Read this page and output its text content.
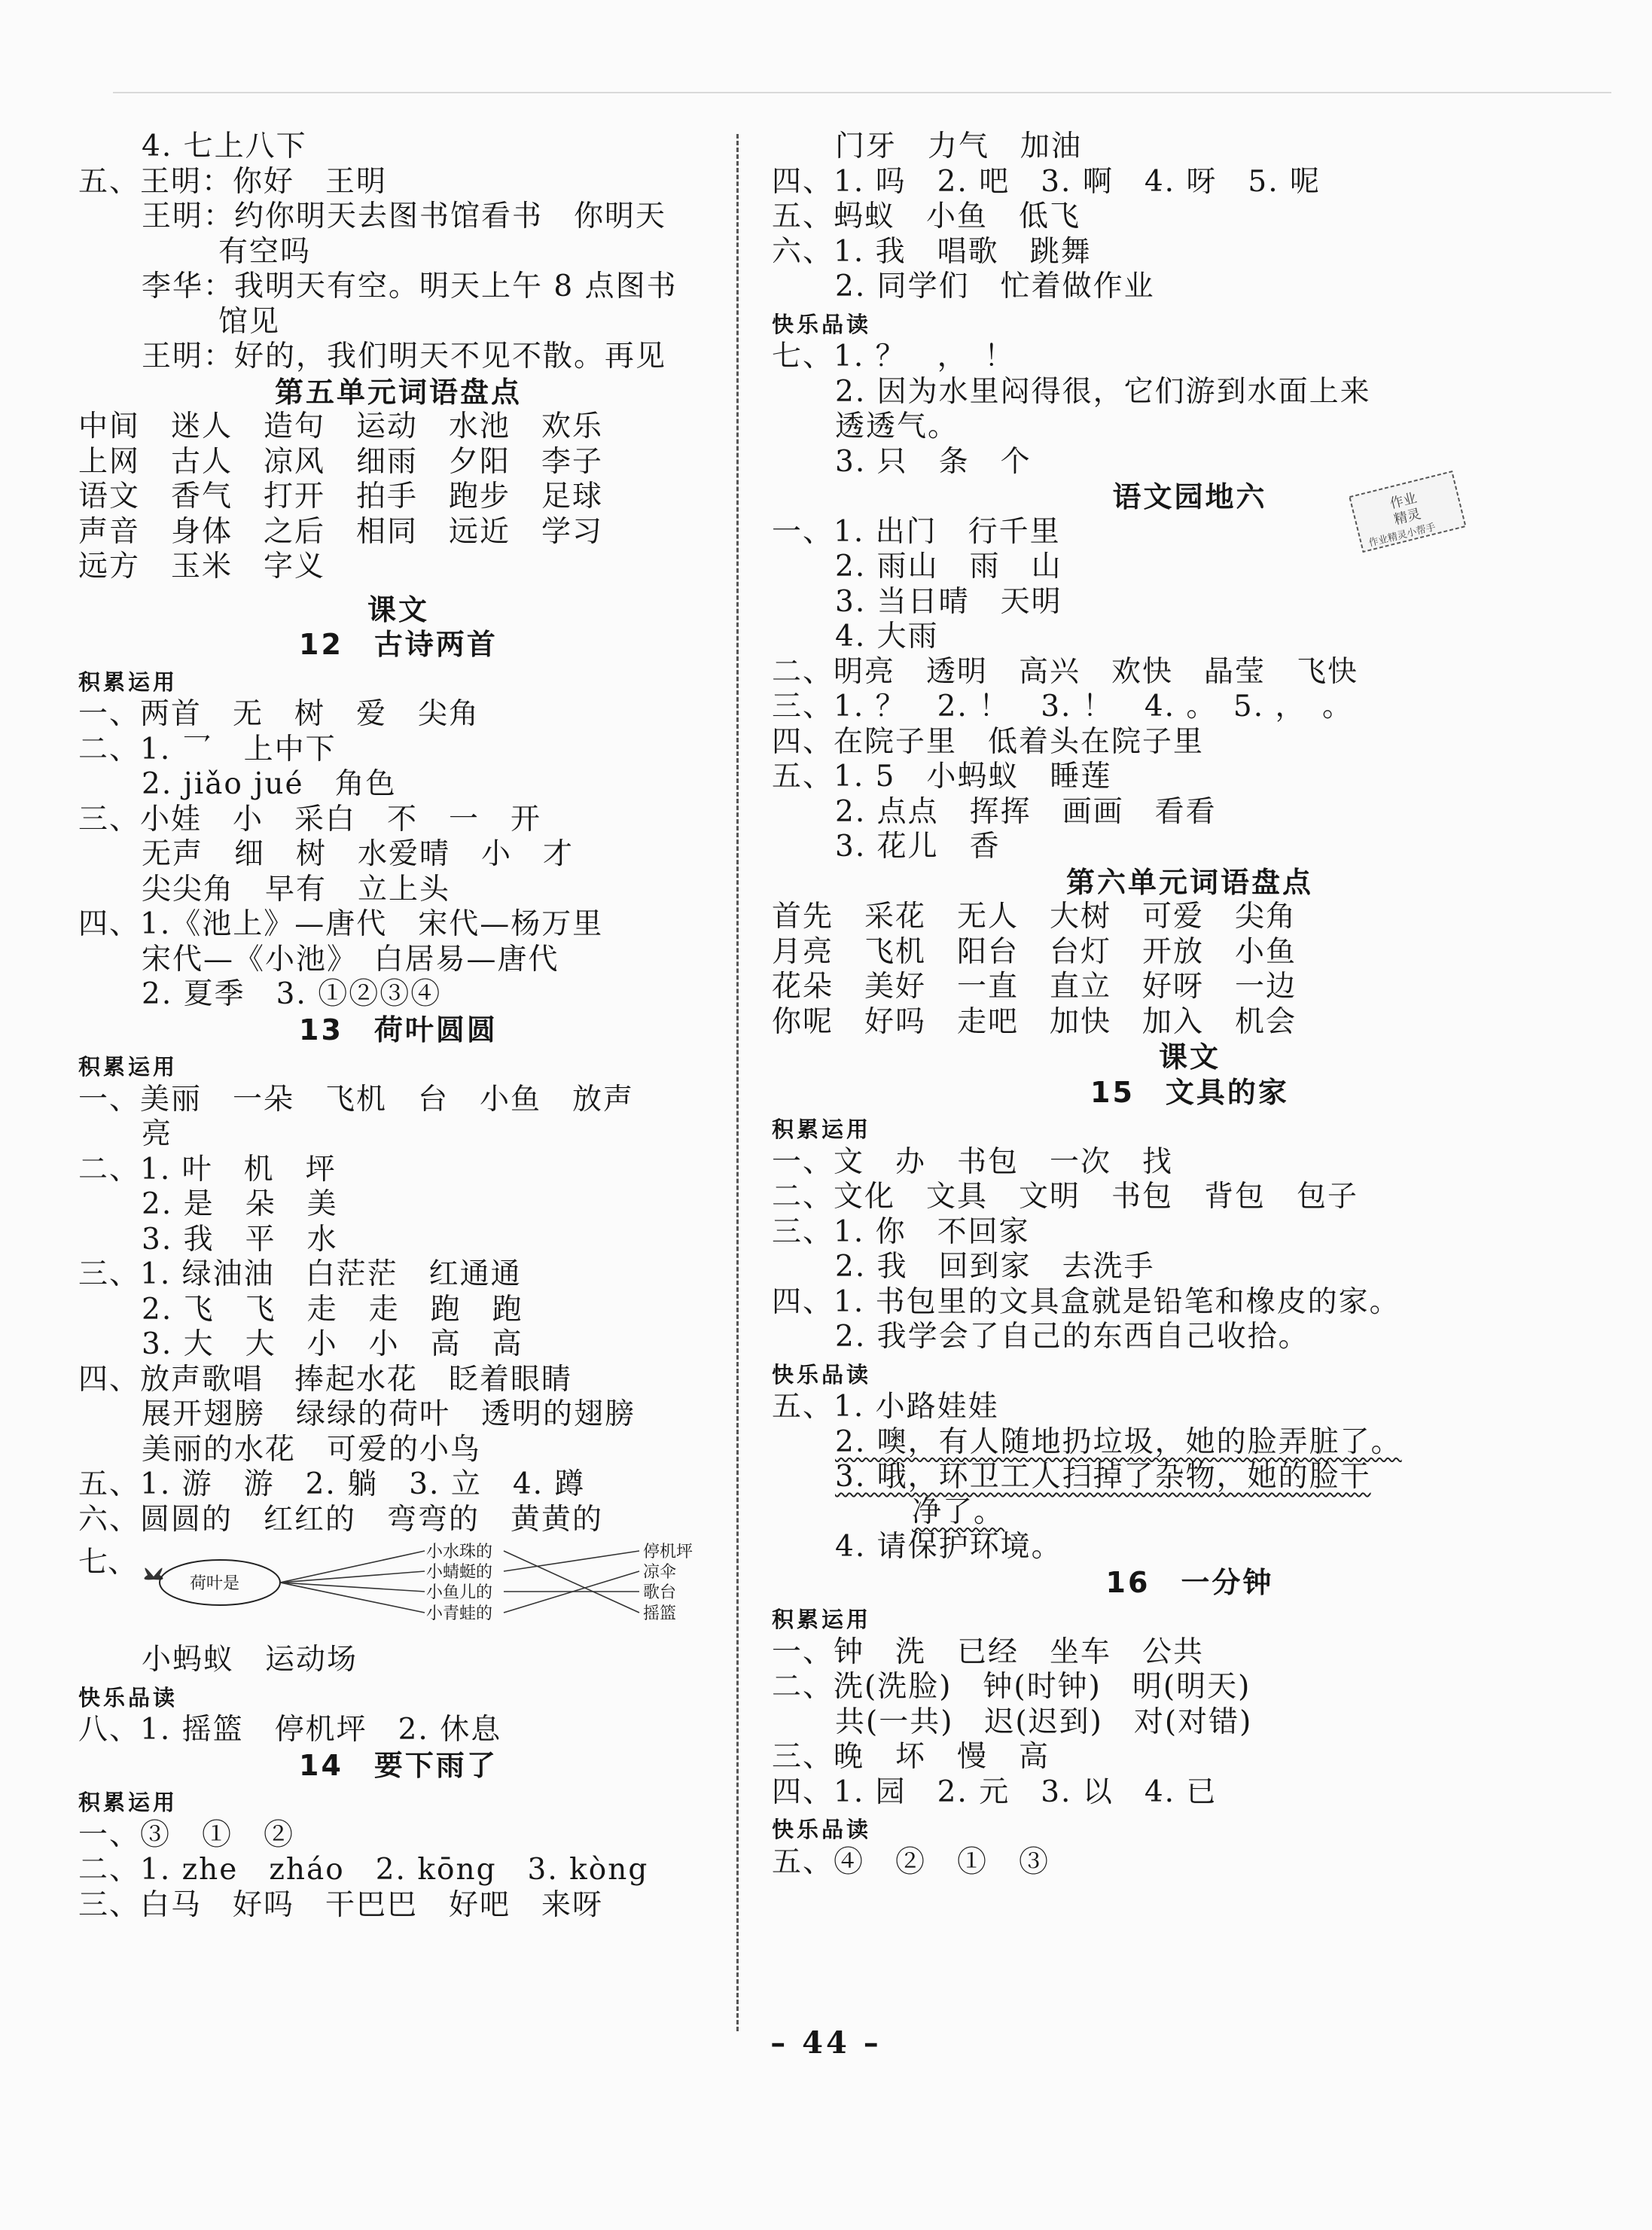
4. 七上八下
五、王明：你好　王明
王明：约你明天去图书馆看书　你明天
有空吗
李华：我明天有空。明天上午 8 点图书
馆见
王明：好的，我们明天不见不散。再见
第五单元词语盘点
中间　迷人　造句　运动　水池　欢乐
上网　古人　凉风　细雨　夕阳　李子
语文　香气　打开　拍手　跑步　足球
声音　身体　之后　相同　远近　学习
远方　玉米　字义
课文
12　古诗两首
积累运用
一、两首　无　树　爱　尖角
二、1. 乛　上中下
2. jiǎo jué　角色
三、小娃　小　采白　不　一　开
无声　细　树　水爱晴　小　才
尖尖角　早有　立上头
四、1.《池上》—唐代　宋代—杨万里
宋代—《小池》　白居易—唐代
2. 夏季　3. ①②③④
13　荷叶圆圆
积累运用
一、美丽　一朵　飞机　台　小鱼　放声
亮
二、1. 叶　机　坪
2. 是　朵　美
3. 我　平　水
三、1. 绿油油　白茫茫　红通通
2. 飞　飞　走　走　跑　跑
3. 大　大　小　小　高　高
四、放声歌唱　捧起水花　眨着眼睛
展开翅膀　绿绿的荷叶　透明的翅膀
美丽的水花　可爱的小鸟
五、1. 游　游　2. 躺　3. 立　4. 蹲
六、圆圆的　红红的　弯弯的　黄黄的
七、
荷叶是
小水珠的
小蜻蜓的
小鱼儿的
小青蛙的
停机坪
凉伞
歌台
摇篮
小蚂蚁　运动场
快乐品读
八、1. 摇篮　停机坪　2. 休息
14　要下雨了
积累运用
一、③　①　②
二、1. zhe　zháo　2. kōng　3. kòng
三、白马　好吗　干巴巴　好吧　来呀
门牙　力气　加油
四、1. 吗　2. 吧　3. 啊　4. 呀　5. 呢
五、蚂蚁　小鱼　低飞
六、1. 我　唱歌　跳舞
2. 同学们　忙着做作业
快乐品读
七、1. ？　，　！
2. 因为水里闷得很，它们游到水面上来
透透气。
3. 只　条　个
语文园地六
一、1. 出门　行千里
2. 雨山　雨　山
3. 当日晴　天明
4. 大雨
二、明亮　透明　高兴　欢快　晶莹　飞快
三、1. ？　2. ！　3. ！　4. 。　5. ，　。
四、在院子里　低着头在院子里
五、1. 5　小蚂蚁　睡莲
2. 点点　挥挥　画画　看看
3. 花儿　香
第六单元词语盘点
首先　采花　无人　大树　可爱　尖角
月亮　飞机　阳台　台灯　开放　小鱼
花朵　美好　一直　直立　好呀　一边
你呢　好吗　走吧　加快　加入　机会
课文
15　文具的家
积累运用
一、文　办　书包　一次　找
二、文化　文具　文明　书包　背包　包子
三、1. 你　不回家
2. 我　回到家　去洗手
四、1. 书包里的文具盒就是铅笔和橡皮的家。
2. 我学会了自己的东西自己收拾。
快乐品读
五、1. 小路娃娃
2. 噢，有人随地扔垃圾，她的脸弄脏了。
3. 哦，环卫工人扫掉了杂物，她的脸干
净了。
4. 请保护环境。
16　一分钟
积累运用
一、钟　洗　已经　坐车　公共
二、洗(洗脸)　钟(时钟)　明(明天)
共(一共)　迟(迟到)　对(对错)
三、晚　坏　慢　高
四、1. 园　2. 元　3. 以　4. 已
快乐品读
五、④　②　①　③
作业
精灵
作业精灵小帮手
– 44 –
